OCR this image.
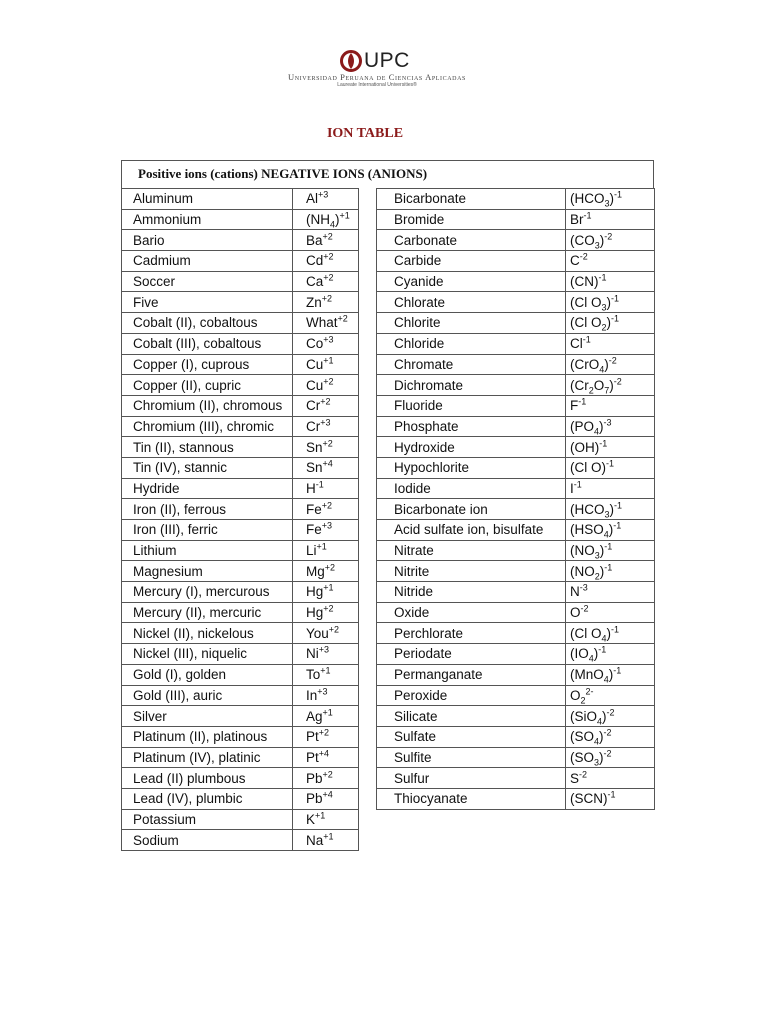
UPC
Universidad Peruana de Ciencias Aplicadas
Laureate International Universities®
ION TABLE
Positive ions (cations) NEGATIVE IONS (ANIONS)
Aluminum	$Al^{+3}$
Ammonium	$(NH_4)^{+1}$
Bario	$Ba^{+2}$
Cadmium	$Cd^{+2}$
Soccer	$Ca^{+2}$
Five	$Zn^{+2}$
Cobalt (II), cobaltous	What$^{+2}$
Cobalt (III), cobaltous	$Co^{+3}$
Copper (I), cuprous	$Cu^{+1}$
Copper (II), cupric	$Cu^{+2}$
Chromium (II), chromous	$Cr^{+2}$
Chromium (III), chromic	$Cr^{+3}$
Tin (II), stannous	$Sn^{+2}$
Tin (IV), stannic	$Sn^{+4}$
Hydride	$H^{-1}$
Iron (II), ferrous	$Fe^{+2}$
Iron (III), ferric	$Fe^{+3}$
Lithium	$Li^{+1}$
Magnesium	$Mg^{+2}$
Mercury (I), mercurous	$Hg^{+1}$
Mercury (II), mercuric	$Hg^{+2}$
Nickel (II), nickelous	You$^{+2}$
Nickel (III), niquelic	$Ni^{+3}$
Gold (I), golden	$To^{+1}$
Gold (III), auric	$In^{+3}$
Silver	$Ag^{+1}$
Platinum (II), platinous	$Pt^{+2}$
Platinum (IV), platinic	$Pt^{+4}$
Lead (II) plumbous	$Pb^{+2}$
Lead (IV), plumbic	$Pb^{+4}$
Potassium	$K^{+1}$
Sodium	$Na^{+1}$
Bicarbonate	$(HCO_3)^{-1}$
Bromide	$Br^{-1}$
Carbonate	$(CO_3)^{-2}$
Carbide	$C^{-2}$
Cyanide	(CN)$^{-1}$
Chlorate	(Cl $O_3)^{-1}$
Chlorite	(Cl $O_2)^{-1}$
Chloride	$Cl^{-1}$
Chromate	$(CrO_4)^{-2}$
Dichromate	$(Cr_2O_7)^{-2}$
Fluoride	$F^{-1}$
Phosphate	$(PO_4)^{-3}$
Hydroxide	(OH)$^{-1}$
Hypochlorite	(Cl O)$^{-1}$
Iodide	$I^{-1}$
Bicarbonate ion	$(HCO_3)^{-1}$
Acid sulfate ion, bisulfate	$(HSO_4)^{-1}$
Nitrate	$(NO_3)^{-1}$
Nitrite	$(NO_2)^{-1}$
Nitride	$N^{-3}$
Oxide	$O^{-2}$
Perchlorate	(Cl $O_4)^{-1}$
Periodate	$(IO_4)^{-1}$
Permanganate	$(MnO_4)^{-1}$
Peroxide	$O_2^{2-}$
Silicate	$(SiO_4)^{-2}$
Sulfate	$(SO_4)^{-2}$
Sulfite	$(SO_3)^{-2}$
Sulfur	$S^{-2}$
Thiocyanate	(SCN)$^{-1}$
